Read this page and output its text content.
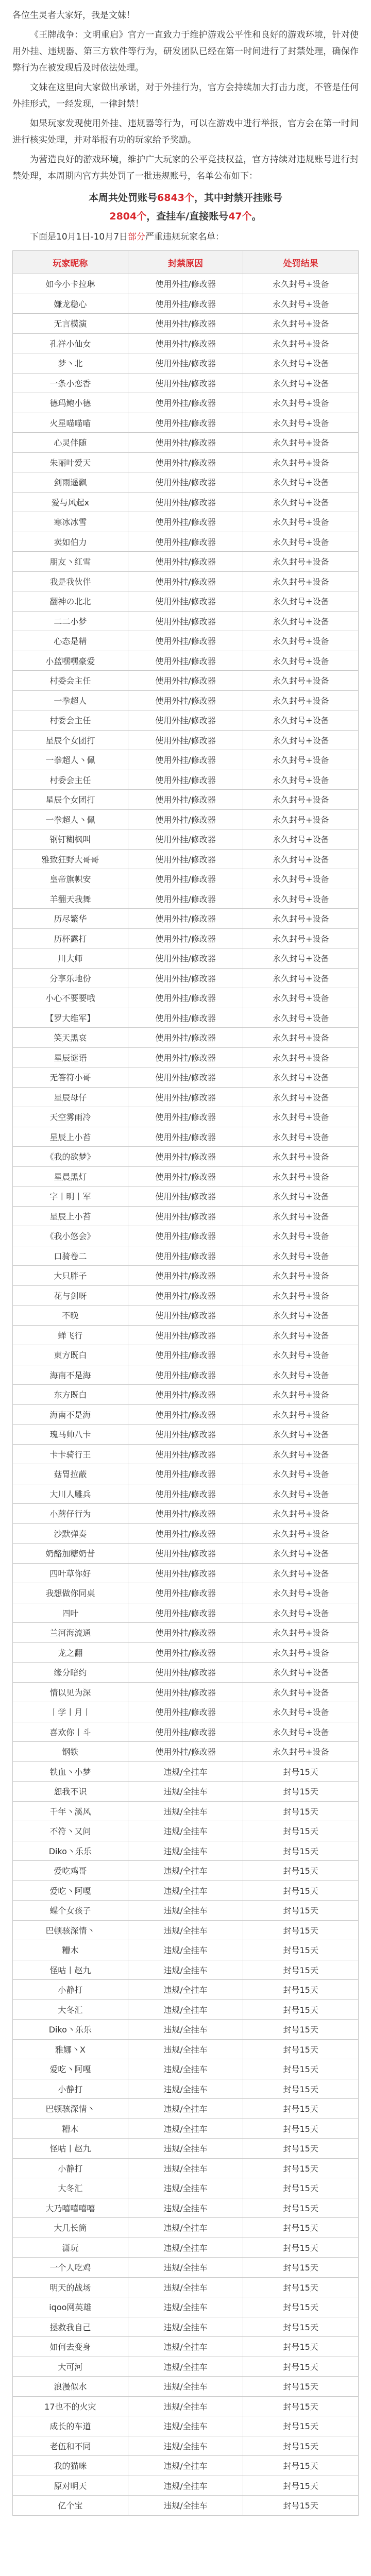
各位生灵者大家好，我是文妹！

《王牌战争：文明重启》官方一直致力于维护游戏公平性和良好的游戏环境，针对使用外挂、违规器、第三方软件等行为，研发团队已经在第一时间进行了封禁处理，确保作弊行为在被发现后及时依法处理。

文妹在这里向大家做出承诺，对于外挂行为，官方会持续加大打击力度，不管是任何外挂形式，一经发现，一律封禁！

如果玩家发现使用外挂、违规器等行为，可以在游戏中进行举报，官方会在第一时间进行核实处理，并对举报有功的玩家给予奖励。

为营造良好的游戏环境，维护广大玩家的公平竞技权益，官方持续对违规账号进行封禁处理，本周期内官方共处罚了一批违规账号，名单公布如下：

本周共处罚账号6843个，其中封禁开挂账号
2804个，查挂车/直接账号47个。

下面是10月1日-10月7日部分严重违规玩家名单：

玩家昵称	封禁原因	处罚结果
如今小卡拉琳	使用外挂/修改器	永久封号+设备
嫌龙稳心	使用外挂/修改器	永久封号+设备
无言模演	使用外挂/修改器	永久封号+设备
孔祥小仙女	使用外挂/修改器	永久封号+设备
梦丶北	使用外挂/修改器	永久封号+设备
一条小恋香	使用外挂/修改器	永久封号+设备
德玛鲍小德	使用外挂/修改器	永久封号+设备
火星喵喵喵	使用外挂/修改器	永久封号+设备
心灵伴随	使用外挂/修改器	永久封号+设备
朱丽叶爱天	使用外挂/修改器	永久封号+设备
剑雨遥飘	使用外挂/修改器	永久封号+设备
爱与风起x	使用外挂/修改器	永久封号+设备
寒冰冰雪	使用外挂/修改器	永久封号+设备
卖如伯力	使用外挂/修改器	永久封号+设备
朋友丶红雪	使用外挂/修改器	永久封号+设备
我是我伙伴	使用外挂/修改器	永久封号+设备
翻神の北北	使用外挂/修改器	永久封号+设备
二二小梦	使用外挂/修改器	永久封号+设备
心态是精	使用外挂/修改器	永久封号+设备
小蓝嘿嘿豪爱	使用外挂/修改器	永久封号+设备
村委会主任	使用外挂/修改器	永久封号+设备
一拳超人	使用外挂/修改器	永久封号+设备
村委会主任	使用外挂/修改器	永久封号+设备
星辰个女团打	使用外挂/修改器	永久封号+设备
一拳超人丶佩	使用外挂/修改器	永久封号+设备
村委会主任	使用外挂/修改器	永久封号+设备
星辰个女团打	使用外挂/修改器	永久封号+设备
一拳超人丶佩	使用外挂/修改器	永久封号+设备
钢钉糊枫叫	使用外挂/修改器	永久封号+设备
雅致狂野大哥哥	使用外挂/修改器	永久封号+设备
皇帝旗帜安	使用外挂/修改器	永久封号+设备
羊翻天我舞	使用外挂/修改器	永久封号+设备
历尽繁华	使用外挂/修改器	永久封号+设备
历杯露打	使用外挂/修改器	永久封号+设备
川大师	使用外挂/修改器	永久封号+设备
分享乐地份	使用外挂/修改器	永久封号+设备
小心不要要哦	使用外挂/修改器	永久封号+设备
【罗大维军】	使用外挂/修改器	永久封号+设备
笑天黑哀	使用外挂/修改器	永久封号+设备
星辰谜语	使用外挂/修改器	永久封号+设备
无答符小哥	使用外挂/修改器	永久封号+设备
星辰母仔	使用外挂/修改器	永久封号+设备
天空雾雨冷	使用外挂/修改器	永久封号+设备
星辰上小苔	使用外挂/修改器	永久封号+设备
《我的欲梦》	使用外挂/修改器	永久封号+设备
星晨黑灯	使用外挂/修改器	永久封号+设备
字丨明丨军	使用外挂/修改器	永久封号+设备
星辰上小苔	使用外挂/修改器	永久封号+设备
《我小悠会》	使用外挂/修改器	永久封号+设备
口骑卷二	使用外挂/修改器	永久封号+设备
大只胖子	使用外挂/修改器	永久封号+设备
花与剑呀	使用外挂/修改器	永久封号+设备
不晚	使用外挂/修改器	永久封号+设备
蝉飞行	使用外挂/修改器	永久封号+设备
東方既白	使用外挂/修改器	永久封号+设备
海南不是海	使用外挂/修改器	永久封号+设备
东方既白	使用外挂/修改器	永久封号+设备
海南不是海	使用外挂/修改器	永久封号+设备
瑰马帅八卡	使用外挂/修改器	永久封号+设备
卡卡骑行王	使用外挂/修改器	永久封号+设备
菇胃拉蔽	使用外挂/修改器	永久封号+设备
大川人雕兵	使用外挂/修改器	永久封号+设备
小蘑仔行为	使用外挂/修改器	永久封号+设备
沙默弹奏	使用外挂/修改器	永久封号+设备
奶酪加糖奶昔	使用外挂/修改器	永久封号+设备
四叶草你好	使用外挂/修改器	永久封号+设备
我想做你同桌	使用外挂/修改器	永久封号+设备
四叶	使用外挂/修改器	永久封号+设备
兰河海流通	使用外挂/修改器	永久封号+设备
龙之翻	使用外挂/修改器	永久封号+设备
缘分暗约	使用外挂/修改器	永久封号+设备
情以见为深	使用外挂/修改器	永久封号+设备
丨学丨月丨	使用外挂/修改器	永久封号+设备
喜欢你丨斗	使用外挂/修改器	永久封号+设备
钢铁	使用外挂/修改器	永久封号+设备
铁血丶小梦	违规/全挂车	封号15天
恕我不识	违规/全挂车	封号15天
千年丶溪风	违规/全挂车	封号15天
不符丶又问	违规/全挂车	封号15天
Diko丶乐乐	违规/全挂车	封号15天
爱吃鸡哥	违规/全挂车	封号15天
爱吃丶阿嘎	违规/全挂车	封号15天
蝶个女孩子	违规/全挂车	封号15天
巴顿骇深情丶	违规/全挂车	封号15天
糟木	违规/全挂车	封号15天
怪咕丨赵九	违规/全挂车	封号15天
小静打	违规/全挂车	封号15天
大冬汇	违规/全挂车	封号15天
Diko丶乐乐	违规/全挂车	封号15天
雅娜丶X	违规/全挂车	封号15天
爱吃丶阿嘎	违规/全挂车	封号15天
小静打	违规/全挂车	封号15天
巴顿骇深情丶	违规/全挂车	封号15天
糟木	违规/全挂车	封号15天
怪咕丨赵九	违规/全挂车	封号15天
小静打	违规/全挂车	封号15天
大冬汇	违规/全挂车	封号15天
大乃嘻嘻嘻嘻	违规/全挂车	封号15天
大几长筒	违规/全挂车	封号15天
潇玩	违规/全挂车	封号15天
一个人吃鸡	违规/全挂车	封号15天
明天的战场	违规/全挂车	封号15天
iqoo网英雄	违规/全挂车	封号15天
拯救我自己	违规/全挂车	封号15天
如何去变身	违规/全挂车	封号15天
大可河	违规/全挂车	封号15天
浪漫似水	违规/全挂车	封号15天
17也不的火灾	违规/全挂车	封号15天
成长的车道	违规/全挂车	封号15天
老伍和不同	违规/全挂车	封号15天
我的猫咪	违规/全挂车	封号15天
原对明天	违规/全挂车	封号15天
亿个宝	违规/全挂车	封号15天
